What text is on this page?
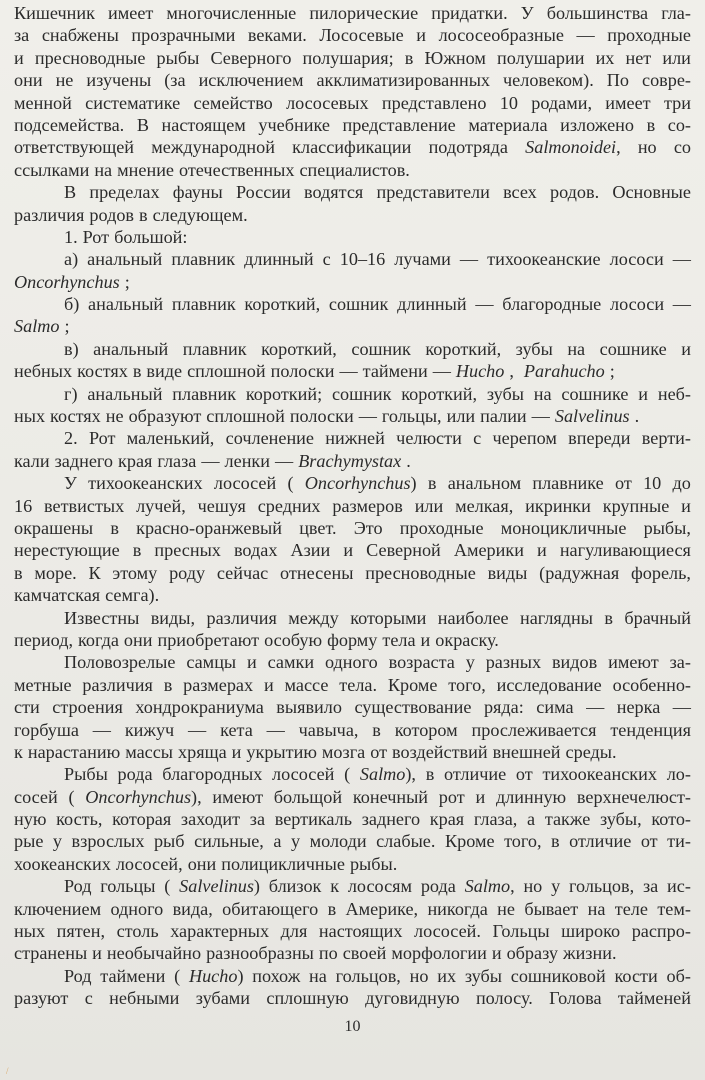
Кишечник имеет многочисленные пилорические придатки. У большинства гла-
за снабжены прозрачными веками. Лососевые и лососеобразные — проходные
и пресноводные рыбы Северного полушария; в Южном полушарии их нет или
они не изучены (за исключением акклиматизированных человеком). По совре-
менной систематике семейство лососевых представлено 10 родами, имеет три
подсемейства. В настоящем учебнике представление материала изложено в со-
ответствующей международной классификации подотряда Salmonoidei, но со
ссылками на мнение отечественных специалистов.
В пределах фауны России водятся представители всех родов. Основные
различия родов в следующем.
1. Рот большой:
а) анальный плавник длинный с 10–16 лучами — тихоокеанские лососи —
Oncorhynchus ;
б) анальный плавник короткий, сошник длинный — благородные лососи —
Salmo ;
в) анальный плавник короткий, сошник короткий, зубы на сошнике и
небных костях в виде сплошной полоски — таймени — Hucho , Parahucho ;
г) анальный плавник короткий; сошник короткий, зубы на сошнике и неб-
ных костях не образуют сплошной полоски — гольцы, или палии — Salvelinus .
2. Рот маленький, сочленение нижней челюсти с черепом впереди верти-
кали заднего края глаза — ленки — Brachymystax .
У тихоокеанских лососей ( Oncorhynchus) в анальном плавнике от 10 до
16 ветвистых лучей, чешуя средних размеров или мелкая, икринки крупные и
окрашены в красно-оранжевый цвет. Это проходные моноцикличные рыбы,
нерестующие в пресных водах Азии и Северной Америки и нагуливающиеся
в море. К этому роду сейчас отнесены пресноводные виды (радужная форель,
камчатская семга).
Известны виды, различия между которыми наиболее наглядны в брачный
период, когда они приобретают особую форму тела и окраску.
Половозрелые самцы и самки одного возраста у разных видов имеют за-
метные различия в размерах и массе тела. Кроме того, исследование особенно-
сти строения хондрокраниума выявило существование ряда: сима — нерка —
горбуша — кижуч — кета — чавыча, в котором прослеживается тенденция
к нарастанию массы хряща и укрытию мозга от воздействий внешней среды.
Рыбы рода благородных лососей ( Salmo), в отличие от тихоокеанских ло-
сосей ( Oncorhynchus), имеют больщой конечный рот и длинную верхнечелюст-
ную кость, которая заходит за вертикаль заднего края глаза, а также зубы, кото-
рые у взрослых рыб сильные, а у молоди слабые. Кроме того, в отличие от ти-
хоокеанских лососей, они полицикличные рыбы.
Род гольцы ( Salvelinus) близок к лососям рода Salmo, но у гольцов, за ис-
ключением одного вида, обитающего в Америке, никогда не бывает на теле тем-
ных пятен, столь характерных для настоящих лососей. Гольцы широко распро-
странены и необычайно разнообразны по своей морфологии и образу жизни.
Род таймени ( Hucho) похож на гольцов, но их зубы сошниковой кости об-
разуют с небными зубами сплошную дуговидную полосу. Голова тайменей
10
/
